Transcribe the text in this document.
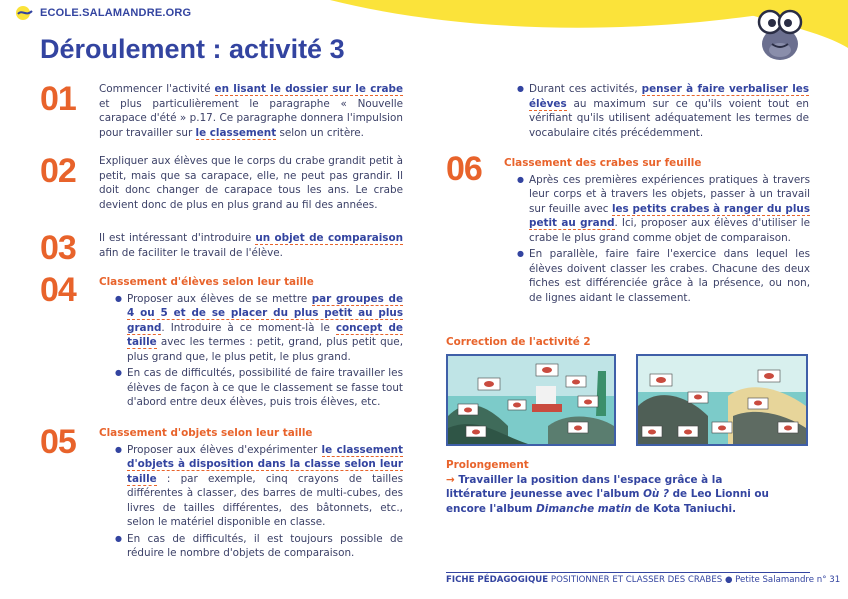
ECOLE.SALAMANDRE.ORG
Déroulement : activité 3
01 Commencer l'activité en lisant le dossier sur le crabe et plus particulièrement le paragraphe « Nouvelle carapace d'été » p.17. Ce paragraphe donnera l'impulsion pour travailler sur le classement selon un critère.
02 Expliquer aux élèves que le corps du crabe grandit petit à petit, mais que sa carapace, elle, ne peut pas grandir. Il doit donc changer de carapace tous les ans. Le crabe devient donc de plus en plus grand au fil des années.
03 Il est intéressant d'introduire un objet de comparaison afin de faciliter le travail de l'élève.
04 Classement d'élèves selon leur taille
● Proposer aux élèves de se mettre par groupes de 4 ou 5 et de se placer du plus petit au plus grand. Introduire à ce moment-là le concept de taille avec les termes : petit, grand, plus petit que, plus grand que, le plus petit, le plus grand.
● En cas de difficultés, possibilité de faire travailler les élèves de façon à ce que le classement se fasse tout d'abord entre deux élèves, puis trois élèves, etc.
05 Classement d'objets selon leur taille
● Proposer aux élèves d'expérimenter le classement d'objets à disposition dans la classe selon leur taille : par exemple, cinq crayons de tailles différentes à classer, des barres de multi-cubes, des livres de tailles différentes, des bâtonnets, etc., selon le matériel disponible en classe.
● En cas de difficultés, il est toujours possible de réduire le nombre d'objets de comparaison.
● Durant ces activités, penser à faire verbaliser les élèves au maximum sur ce qu'ils voient tout en vérifiant qu'ils utilisent adéquatement les termes de vocabulaire cités précédemment.
06 Classement des crabes sur feuille
● Après ces premières expériences pratiques à travers leur corps et à travers les objets, passer à un travail sur feuille avec les petits crabes à ranger du plus petit au grand. Ici, proposer aux élèves d'utiliser le crabe le plus grand comme objet de comparaison.
● En parallèle, faire faire l'exercice dans lequel les élèves doivent classer les crabes. Chacune des deux fiches est différenciée grâce à la présence, ou non, de lignes aidant le classement.
Correction de l'activité 2
Prolongement
→ Travailler la position dans l'espace grâce à la littérature jeunesse avec l'album Où ? de Leo Lionni ou encore l'album Dimanche matin de Kota Taniuchi.
FICHE PÉDAGOGIQUE POSITIONNER ET CLASSER DES CRABES ● Petite Salamandre n° 31
